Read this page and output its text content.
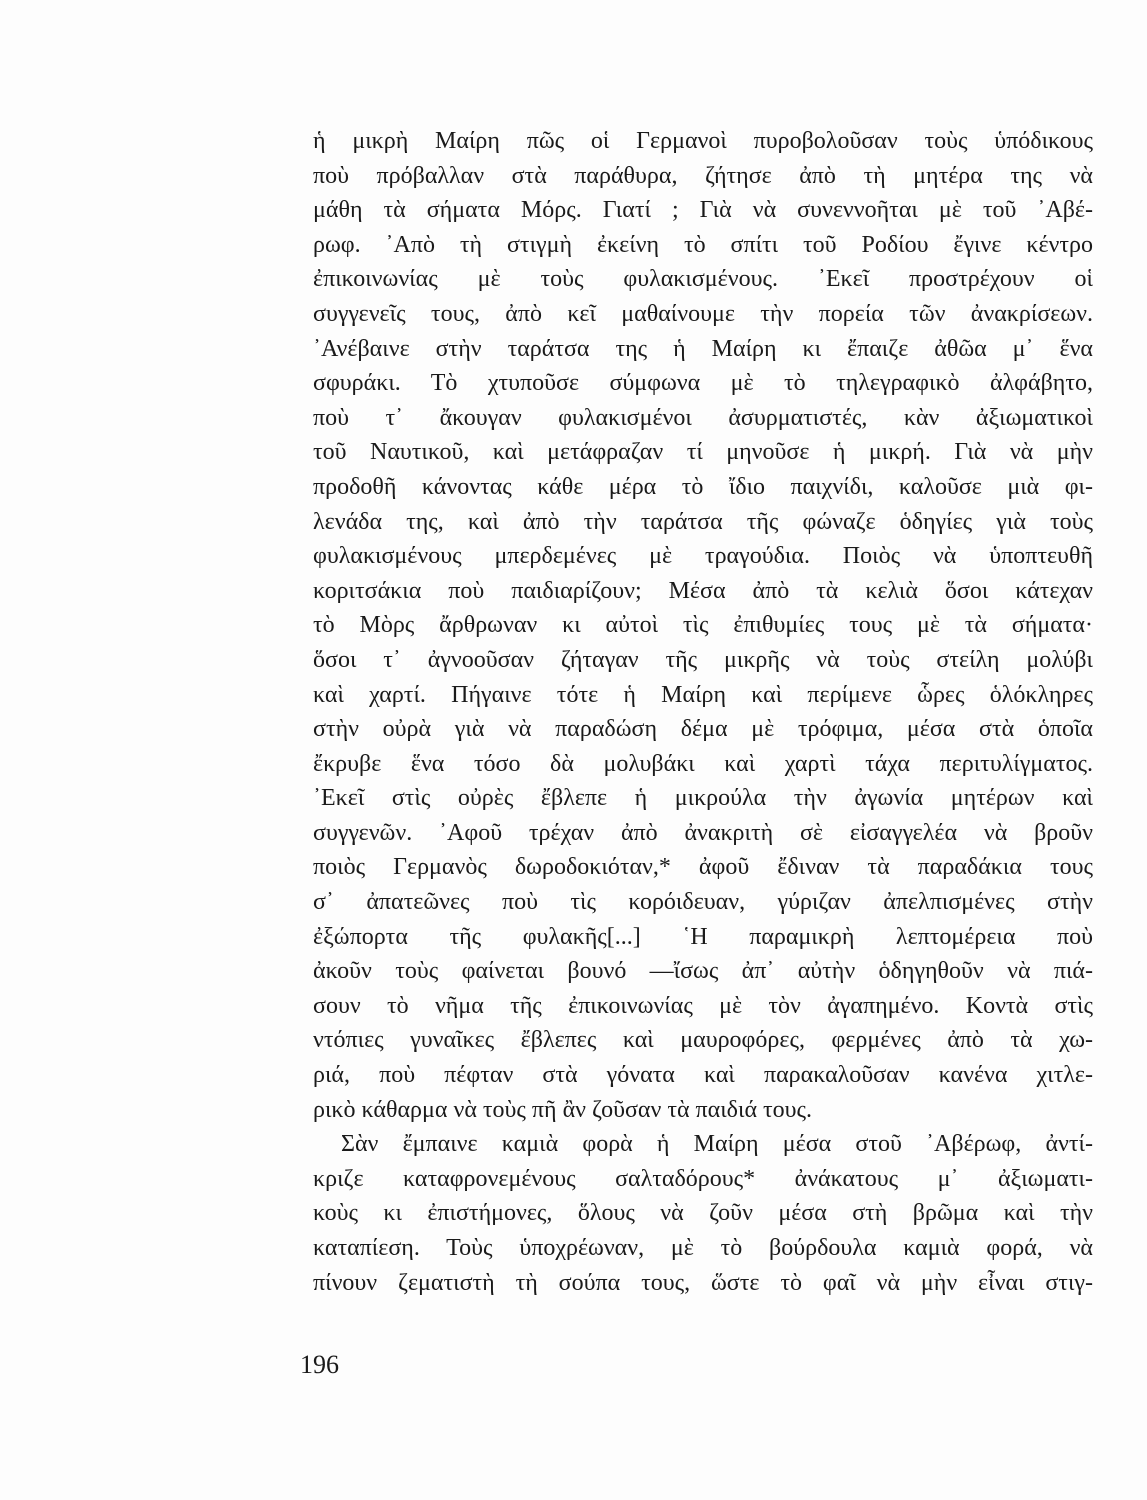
ἡ μικρὴ Μαίρη πῶς οἱ Γερμανοὶ πυροβολοῦσαν τοὺς ὑπόδικους
ποὺ πρόβαλλαν στὰ παράθυρα, ζήτησε ἀπὸ τὴ μητέρα της νὰ
μάθη τὰ σήματα Μόρς. Γιατί ; Γιὰ νὰ συνεννοῆται μὲ τοῦ ᾿Αβέ-
ρωφ. ᾿Απὸ τὴ στιγμὴ ἐκείνη τὸ σπίτι τοῦ Ροδίου ἔγινε κέντρο
ἐπικοινωνίας μὲ τοὺς φυλακισμένους. ᾿Εκεῖ προστρέχουν οἱ
συγγενεῖς τους, ἀπὸ κεῖ μαθαίνουμε τὴν πορεία τῶν ἀνακρίσεων.
᾿Ανέβαινε στὴν ταράτσα της ἡ Μαίρη κι ἔπαιζε ἀθῶα μ᾿ ἕνα
σφυράκι. Τὸ χτυποῦσε σύμφωνα μὲ τὸ τηλεγραφικὸ ἀλφάβητο,
ποὺ τ᾿ ἄκουγαν φυλακισμένοι ἀσυρματιστές, κὰν ἀξιωματικοὶ
τοῦ Ναυτικοῦ, καὶ μετάφραζαν τί μηνοῦσε ἡ μικρή. Γιὰ νὰ μὴν
προδοθῆ κάνοντας κάθε μέρα τὸ ἴδιο παιχνίδι, καλοῦσε μιὰ φι-
λενάδα της, καὶ ἀπὸ τὴν ταράτσα τῆς φώναζε ὁδηγίες γιὰ τοὺς
φυλακισμένους μπερδεμένες μὲ τραγούδια. Ποιὸς νὰ ὑποπτευθῆ
κοριτσάκια ποὺ παιδιαρίζουν; Μέσα ἀπὸ τὰ κελιὰ ὅσοι κάτεχαν
τὸ Μὸρς ἄρθρωναν κι αὐτοὶ τὶς ἐπιθυμίες τους μὲ τὰ σήματα·
ὅσοι τ᾿ ἀγνοοῦσαν ζήταγαν τῆς μικρῆς νὰ τοὺς στείλη μολύβι
καὶ χαρτί. Πήγαινε τότε ἡ Μαίρη καὶ περίμενε ὧρες ὁλόκληρες
στὴν οὐρὰ γιὰ νὰ παραδώση δέμα μὲ τρόφιμα, μέσα στὰ ὁποῖα
ἔκρυβε ἕνα τόσο δὰ μολυβάκι καὶ χαρτὶ τάχα περιτυλίγματος.
᾿Εκεῖ στὶς οὐρὲς ἔβλεπε ἡ μικρούλα τὴν ἀγωνία μητέρων καὶ
συγγενῶν. ᾿Αφοῦ τρέχαν ἀπὸ ἀνακριτὴ σὲ εἰσαγγελέα νὰ βροῦν
ποιὸς Γερμανὸς δωροδοκιόταν,* ἀφοῦ ἔδιναν τὰ παραδάκια τους
σ᾿ ἀπατεῶνες ποὺ τὶς κορόιδευαν, γύριζαν ἀπελπισμένες στὴν
ἐξώπορτα τῆς φυλακῆς[...] ῾Η παραμικρὴ λεπτομέρεια ποὺ
ἀκοῦν τοὺς φαίνεται βουνό —ἴσως ἀπ᾿ αὐτὴν ὁδηγηθοῦν νὰ πιά-
σουν τὸ νῆμα τῆς ἐπικοινωνίας μὲ τὸν ἀγαπημένο. Κοντὰ στὶς
ντόπιες γυναῖκες ἔβλεπες καὶ μαυροφόρες, φερμένες ἀπὸ τὰ χω-
ριά, ποὺ πέφταν στὰ γόνατα καὶ παρακαλοῦσαν κανένα χιτλε-
ρικὸ κάθαρμα νὰ τοὺς πῆ ἂν ζοῦσαν τὰ παιδιά τους.
Σὰν ἔμπαινε καμιὰ φορὰ ἡ Μαίρη μέσα στοῦ ᾿Αβέρωφ, ἀντί-
κριζε καταφρονεμένους σαλταδόρους* ἀνάκατους μ᾿ ἀξιωματι-
κοὺς κι ἐπιστήμονες, ὅλους νὰ ζοῦν μέσα στὴ βρῶμα καὶ τὴν
καταπίεση. Τοὺς ὑποχρέωναν, μὲ τὸ βούρδουλα καμιὰ φορά, νὰ
πίνουν ζεματιστὴ τὴ σούπα τους, ὥστε τὸ φαῖ νὰ μὴν εἶναι στιγ-
196
